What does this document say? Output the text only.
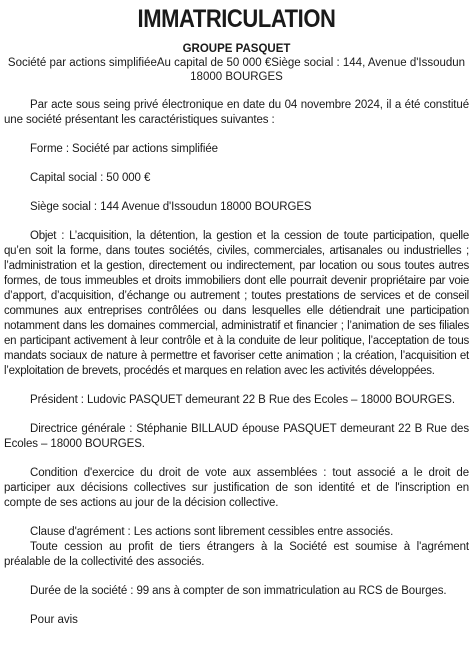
IMMATRICULATION

GROUPE PASQUET

Société par actions simplifiéeAu capital de 50 000 €Siège social : 144, Avenue d'Issoudun
18000 BOURGES

Par acte sous seing privé électronique en date du 04 novembre 2024, il a été constitué une société présentant les caractéristiques suivantes :

Forme : Société par actions simplifiée

Capital social : 50 000 €

Siège social : 144 Avenue d'Issoudun 18000 BOURGES

Objet : L’acquisition, la détention, la gestion et la cession de toute participation, quelle qu’en soit la forme, dans toutes sociétés, civiles, commerciales, artisanales ou industrielles ; l’administration et la gestion, directement ou indirectement, par location ou sous toutes autres formes, de tous immeubles et droits immobiliers dont elle pourrait devenir propriétaire par voie d’apport, d’acquisition, d’échange ou autrement ; toutes prestations de services et de conseil communes aux entreprises contrôlées ou dans lesquelles elle détiendrait une participation notamment dans les domaines commercial, administratif et financier ; l’animation de ses filiales en participant activement à leur contrôle et à la conduite de leur politique, l’acceptation de tous mandats sociaux de nature à permettre et favoriser cette animation ; la création, l’acquisition et l’exploitation de brevets, procédés et marques en relation avec les activités développées.

Président : Ludovic PASQUET demeurant 22 B Rue des Ecoles – 18000 BOURGES.

Directrice générale : Stéphanie BILLAUD épouse PASQUET demeurant 22 B Rue des Ecoles – 18000 BOURGES.

Condition d'exercice du droit de vote aux assemblées : tout associé a le droit de participer aux décisions collectives sur justification de son identité et de l'inscription en compte de ses actions au jour de la décision collective.

Clause d'agrément : Les actions sont librement cessibles entre associés.

Toute cession au profit de tiers étrangers à la Société est soumise à l'agrément préalable de la collectivité des associés.

Durée de la société : 99 ans à compter de son immatriculation au RCS de Bourges.

Pour avis
